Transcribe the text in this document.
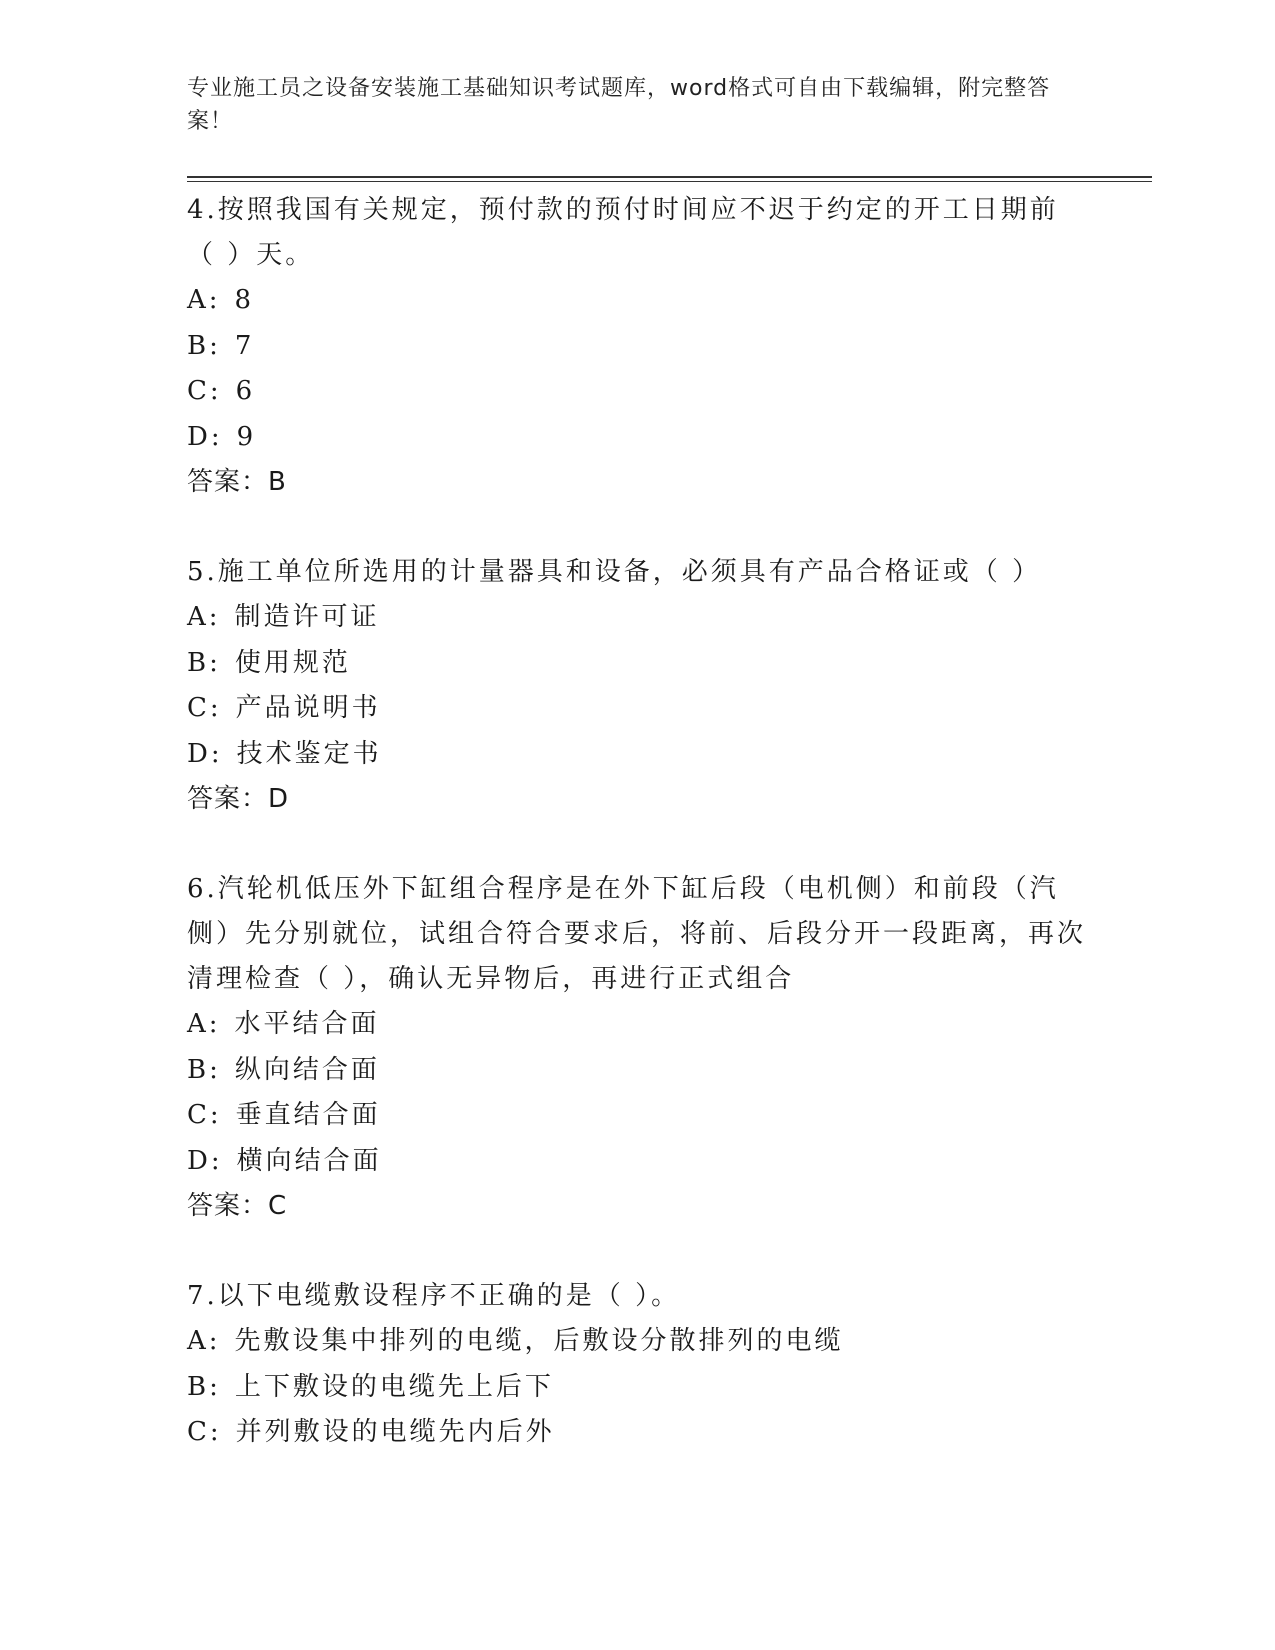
专业施工员之设备安装施工基础知识考试题库，word格式可自由下载编辑，附完整答案！

4.按照我国有关规定，预付款的预付时间应不迟于约定的开工日期前（ ）天。

A: 8

B: 7

C: 6

D: 9

答案：B

5.施工单位所选用的计量器具和设备，必须具有产品合格证或（ ）

A: 制造许可证

B: 使用规范

C: 产品说明书

D: 技术鉴定书

答案：D

6.汽轮机低压外下缸组合程序是在外下缸后段（电机侧）和前段（汽侧）先分别就位，试组合符合要求后，将前、后段分开一段距离，再次清理检查（ ），确认无异物后，再进行正式组合

A: 水平结合面

B: 纵向结合面

C: 垂直结合面

D: 横向结合面

答案：C

7.以下电缆敷设程序不正确的是（ ）。

A: 先敷设集中排列的电缆，后敷设分散排列的电缆

B: 上下敷设的电缆先上后下

C: 并列敷设的电缆先内后外
